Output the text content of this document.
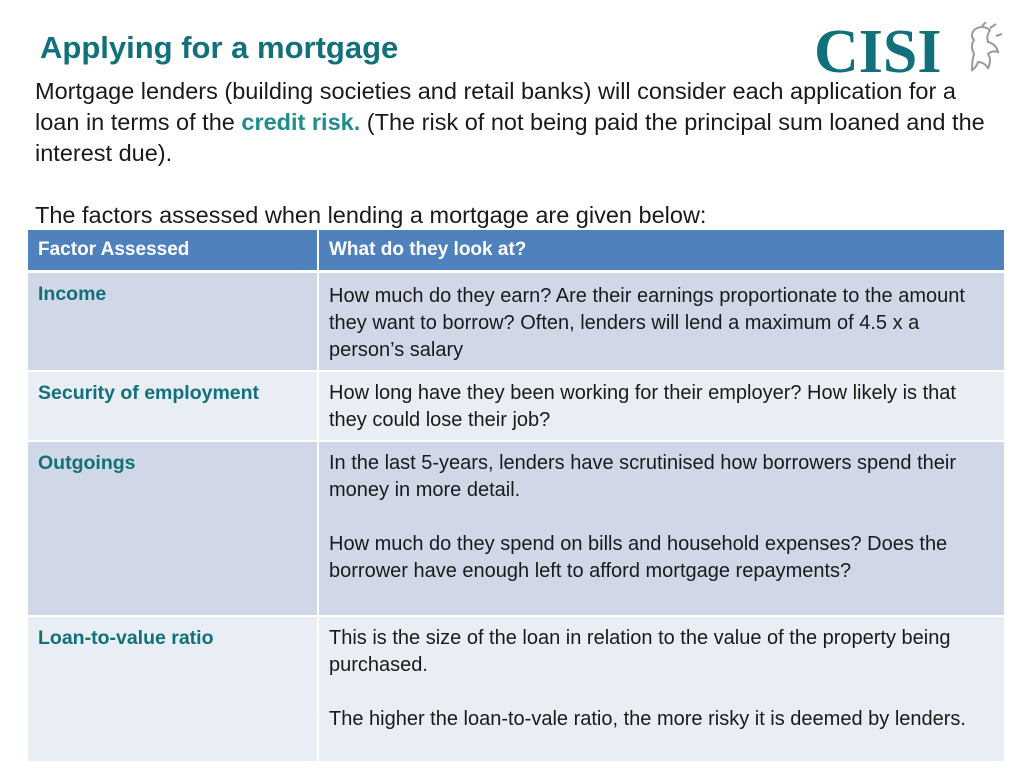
Applying for a mortgage	CISI

Mortgage lenders (building societies and retail banks) will consider each application for a loan in terms of the credit risk. (The risk of not being paid the principal sum loaned and the interest due).

The factors assessed when lending a mortgage are given below:

Factor Assessed	What do they look at?
Income	How much do they earn? Are their earnings proportionate to the amount they want to borrow? Often, lenders will lend a maximum of 4.5 x a person’s salary

Security of employment	How long have they been working for their employer? How likely is that they could lose their job?

Outgoings	In the last 5-years, lenders have scrutinised how borrowers spend their money in more detail.

How much do they spend on bills and household expenses? Does the borrower have enough left to afford mortgage repayments?

Loan-to-value ratio	This is the size of the loan in relation to the value of the property being purchased.

The higher the loan-to-vale ratio, the more risky it is deemed by lenders.
